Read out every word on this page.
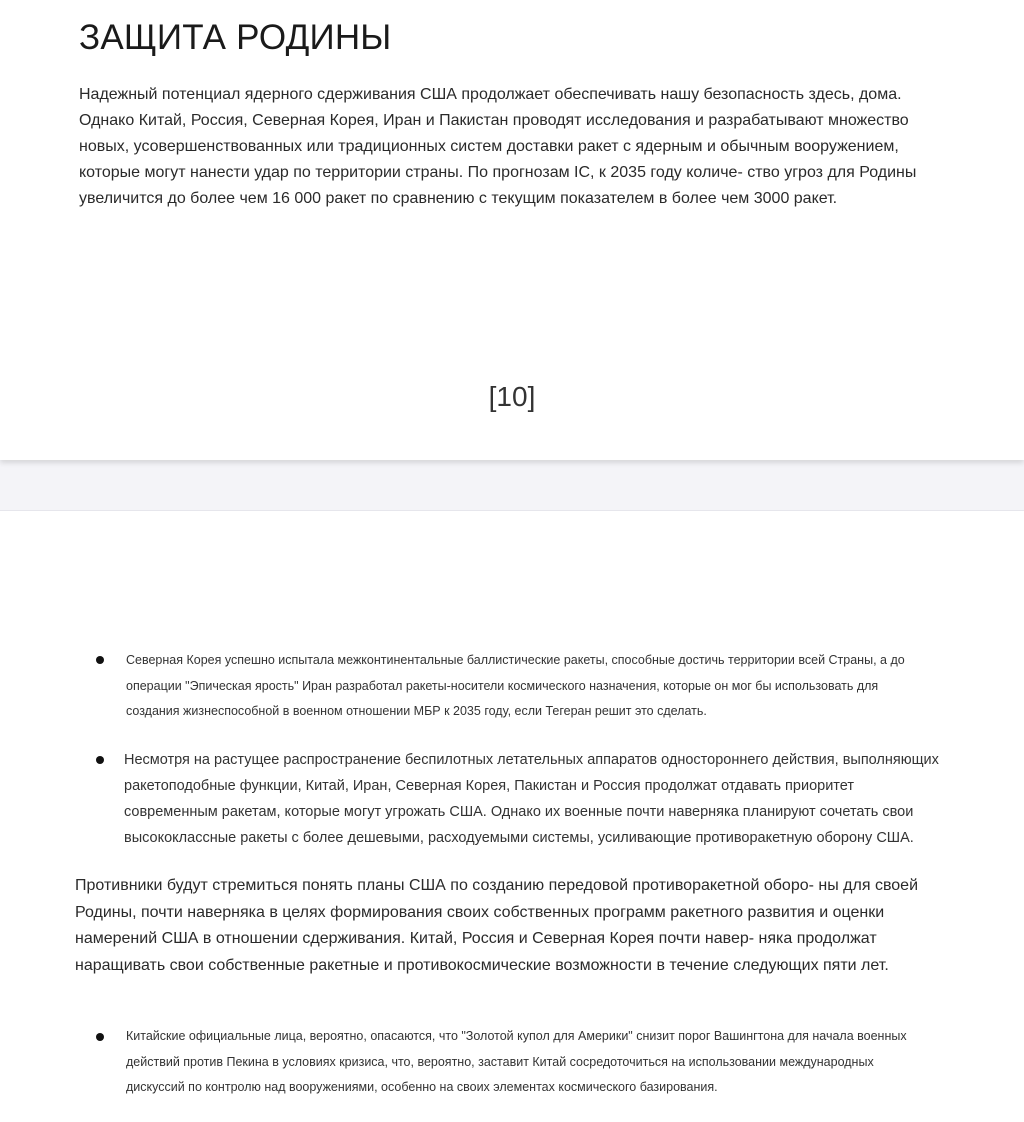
ЗАЩИТА РОДИНЫ

Надежный потенциал ядерного сдерживания США продолжает обеспечивать нашу безопасность здесь, дома. Однако Китай, Россия, Северная Корея, Иран и Пакистан проводят исследования и разрабатывают множество новых, усовершенствованных или традиционных систем доставки ракет с ядерным и обычным вооружением, которые могут нанести удар по территории страны. По прогнозам IC, к 2035 году количе- ство угроз для Родины увеличится до более чем 16 000 ракет по сравнению с текущим показателем в более чем 3000 ракет.

[10]

Северная Корея успешно испытала межконтинентальные баллистические ракеты, способные достичь территории всей Страны, а до операции "Эпическая ярость" Иран разработал ракеты-носители космического назначения, которые он мог бы использовать для создания жизнеспособной в военном отношении МБР к 2035 году, если Тегеран решит это сделать.

Несмотря на растущее распространение беспилотных летательных аппаратов одностороннего действия, выполняющих ракетоподобные функции, Китай, Иран, Северная Корея, Пакистан и Россия продолжат отдавать приоритет современным ракетам, которые могут угрожать США. Однако их военные почти наверняка планируют сочетать свои высококлассные ракеты с более дешевыми, расходуемыми системы, усиливающие противоракетную оборону США.

Противники будут стремиться понять планы США по созданию передовой противоракетной оборо- ны для своей Родины, почти наверняка в целях формирования своих собственных программ ракетного развития и оценки намерений США в отношении сдерживания. Китай, Россия и Северная Корея почти навер- няка продолжат наращивать свои собственные ракетные и противокосмические возможности в течение следующих пяти лет.

Китайские официальные лица, вероятно, опасаются, что "Золотой купол для Америки" снизит порог Вашингтона для начала военных действий против Пекина в условиях кризиса, что, вероятно, заставит Китай сосредоточиться на использовании международных дискуссий по контролю над вооружениями, особенно на своих элементах космического базирования.
